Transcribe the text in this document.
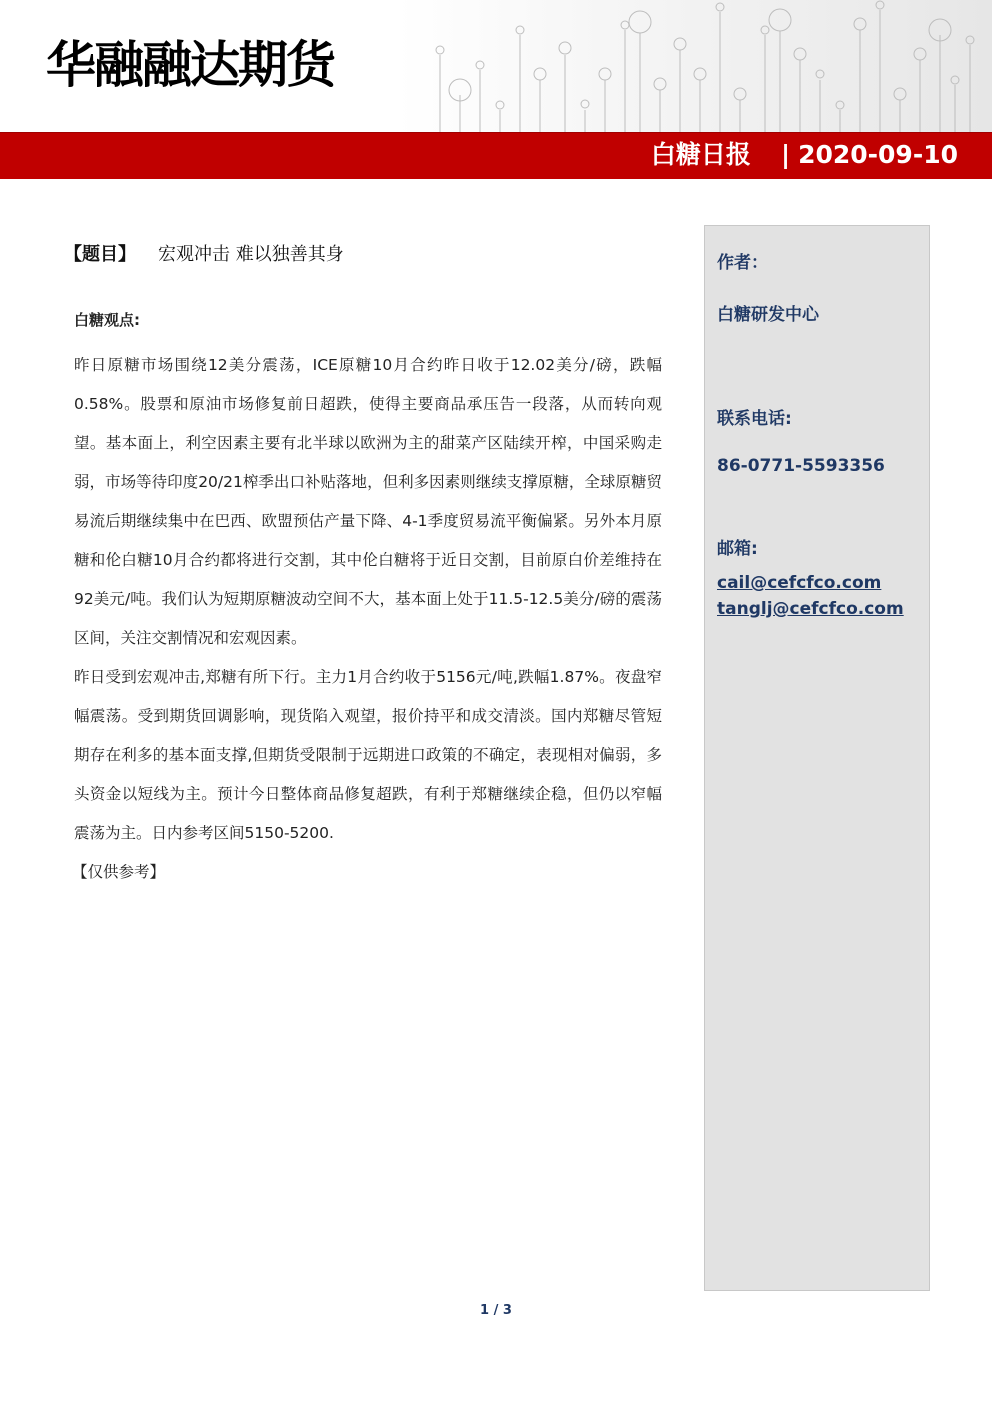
华融融达期货
白糖日报 | 2020-09-10
【题目】 宏观冲击 难以独善其身

白糖观点:

昨日原糖市场围绕12美分震荡，ICE原糖10月合约昨日收于12.02美分/磅，跌幅0.58%。股票和原油市场修复前日超跌，使得主要商品承压告一段落，从而转向观望。基本面上，利空因素主要有北半球以欧洲为主的甜菜产区陆续开榨，中国采购走弱，市场等待印度20/21榨季出口补贴落地，但利多因素则继续支撑原糖，全球原糖贸易流后期继续集中在巴西、欧盟预估产量下降、4-1季度贸易流平衡偏紧。另外本月原糖和伦白糖10月合约都将进行交割，其中伦白糖将于近日交割，目前原白价差维持在92美元/吨。我们认为短期原糖波动空间不大，基本面上处于11.5-12.5美分/磅的震荡区间，关注交割情况和宏观因素。

昨日受到宏观冲击,郑糖有所下行。主力1月合约收于5156元/吨,跌幅1.87%。夜盘窄幅震荡。受到期货回调影响，现货陷入观望，报价持平和成交清淡。国内郑糖尽管短期存在利多的基本面支撑,但期货受限制于远期进口政策的不确定，表现相对偏弱，多头资金以短线为主。预计今日整体商品修复超跌，有利于郑糖继续企稳，但仍以窄幅震荡为主。日内参考区间5150-5200.

【仅供参考】
作者：
白糖研发中心
联系电话:
86-0771-5593356
邮箱:
cail@cefcfco.com
tanglj@cefcfco.com
1 / 3
